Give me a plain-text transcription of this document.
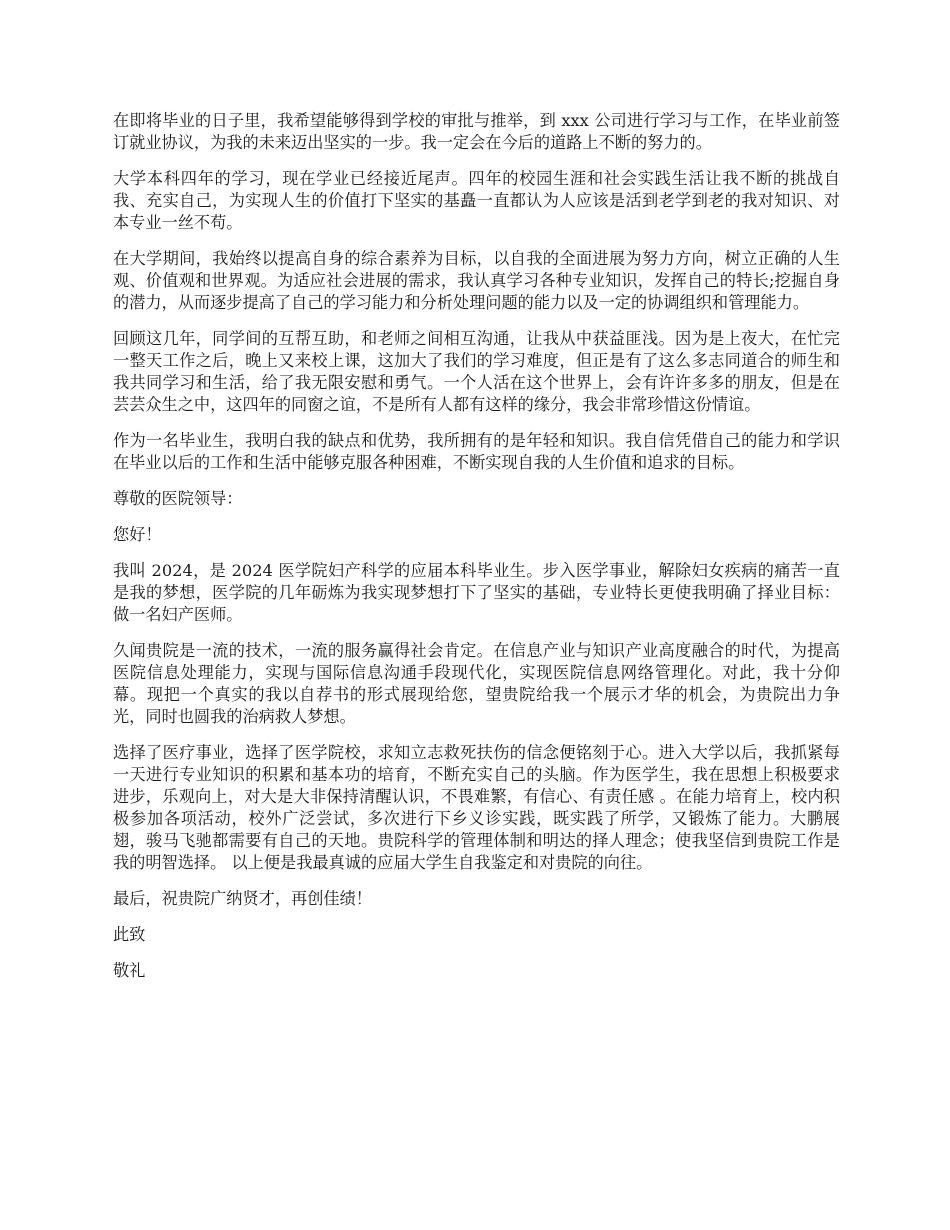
在即将毕业的日子里，我希望能够得到学校的审批与推举，到 xxx 公司进行学习与工作，在毕业前签订就业协议，为我的未来迈出坚实的一步。我一定会在今后的道路上不断的努力的。

大学本科四年的学习，现在学业已经接近尾声。四年的校园生涯和社会实践生活让我不断的挑战自我、充实自己，为实现人生的价值打下坚实的基矗一直都认为人应该是活到老学到老的我对知识、对本专业一丝不苟。

在大学期间，我始终以提高自身的综合素养为目标，以自我的全面进展为努力方向，树立正确的人生观、价值观和世界观。为适应社会进展的需求，我认真学习各种专业知识，发挥自己的特长;挖掘自身的潜力，从而逐步提高了自己的学习能力和分析处理问题的能力以及一定的协调组织和管理能力。

回顾这几年，同学间的互帮互助，和老师之间相互沟通，让我从中获益匪浅。因为是上夜大，在忙完一整天工作之后，晚上又来校上课，这加大了我们的学习难度，但正是有了这么多志同道合的师生和我共同学习和生活，给了我无限安慰和勇气。一个人活在这个世界上，会有许许多多的朋友，但是在芸芸众生之中，这四年的同窗之谊，不是所有人都有这样的缘分，我会非常珍惜这份情谊。

作为一名毕业生，我明白我的缺点和优势，我所拥有的是年轻和知识。我自信凭借自己的能力和学识在毕业以后的工作和生活中能够克服各种困难，不断实现自我的人生价值和追求的目标。

尊敬的医院领导：

您好！

我叫 2024，是 2024 医学院妇产科学的应届本科毕业生。步入医学事业，解除妇女疾病的痛苦一直是我的梦想，医学院的几年砺炼为我实现梦想打下了坚实的基础，专业特长更使我明确了择业目标：做一名妇产医师。

久闻贵院是一流的技术，一流的服务赢得社会肯定。在信息产业与知识产业高度融合的时代，为提高医院信息处理能力，实现与国际信息沟通手段现代化，实现医院信息网络管理化。对此，我十分仰幕。现把一个真实的我以自荐书的形式展现给您，望贵院给我一个展示才华的机会，为贵院出力争光，同时也圆我的治病救人梦想。

选择了医疗事业，选择了医学院校，求知立志救死扶伤的信念便铭刻于心。进入大学以后，我抓紧每一天进行专业知识的积累和基本功的培育，不断充实自己的头脑。作为医学生，我在思想上积极要求进步，乐观向上，对大是大非保持清醒认识，不畏难繁，有信心、有责任感 。在能力培育上，校内积极参加各项活动，校外广泛尝试，多次进行下乡义诊实践，既实践了所学，又锻炼了能力。大鹏展翅，骏马飞驰都需要有自己的天地。贵院科学的管理体制和明达的择人理念；使我坚信到贵院工作是我的明智选择。 以上便是我最真诚的应届大学生自我鉴定和对贵院的向往。

最后，祝贵院广纳贤才，再创佳绩！

此致

敬礼
